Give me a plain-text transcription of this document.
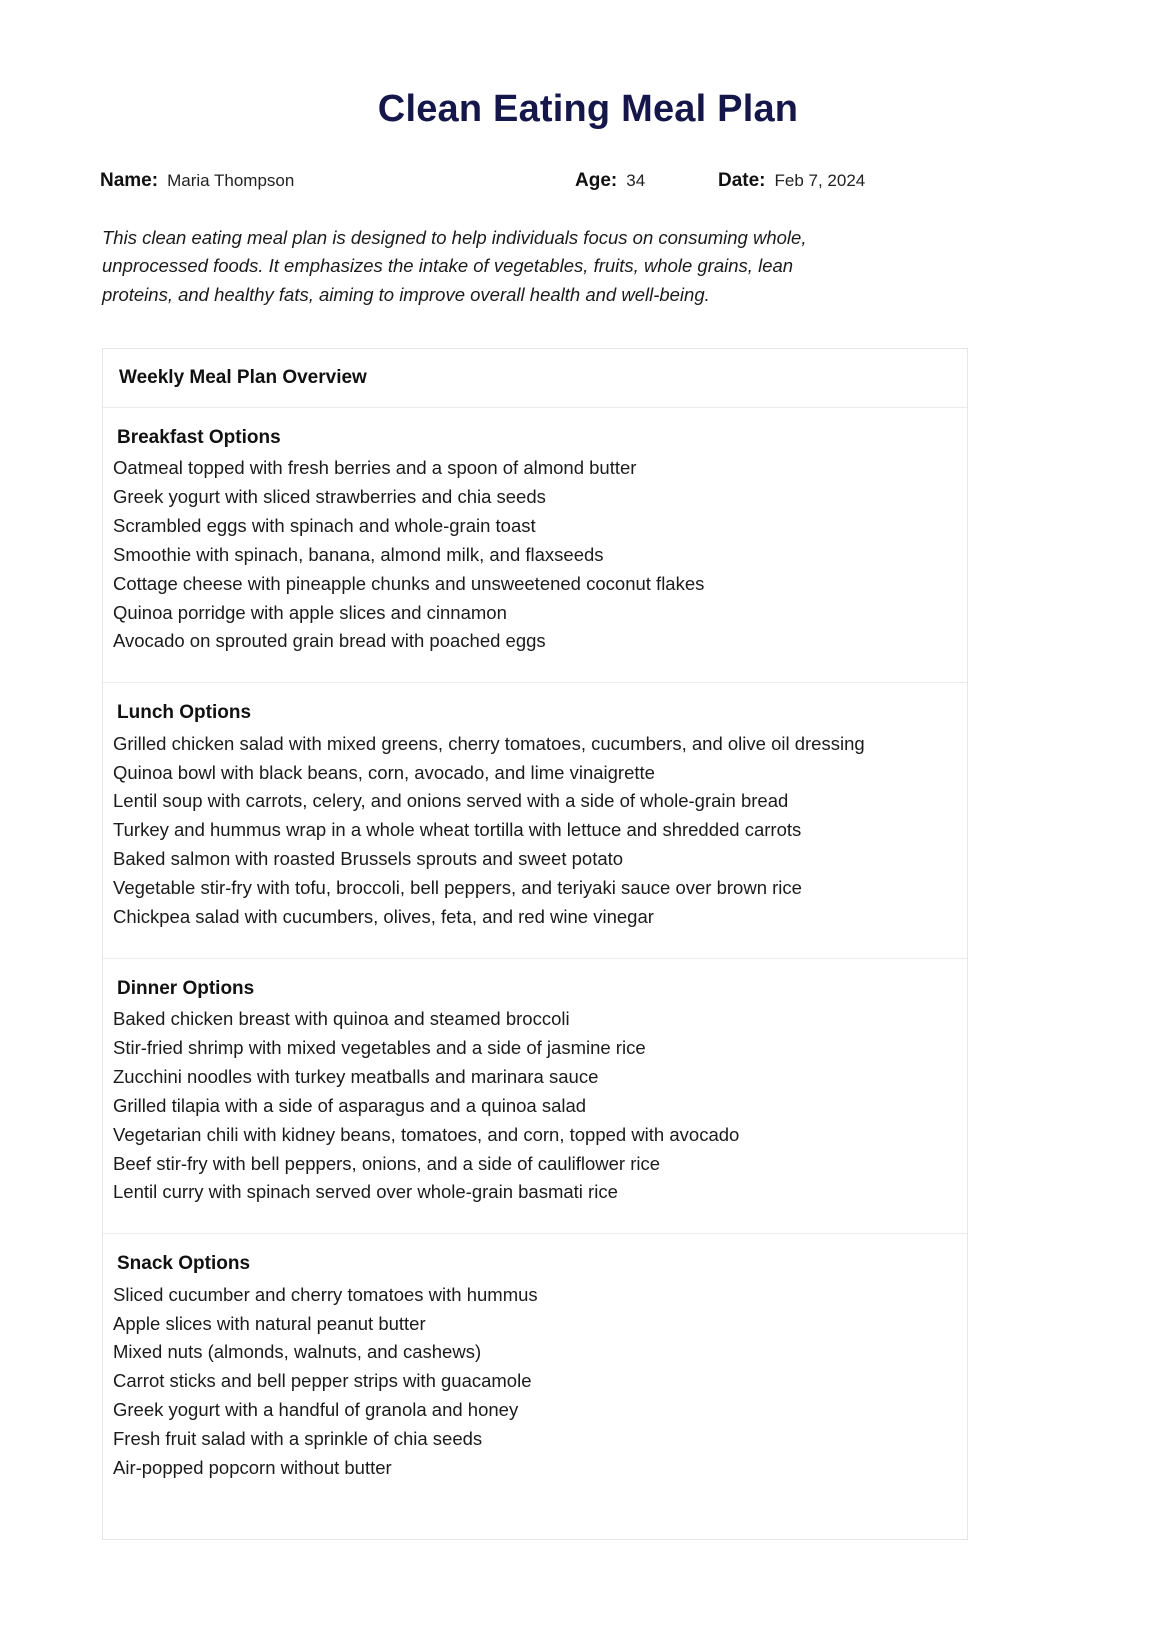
Clean Eating Meal Plan
Name: Maria Thompson	Age: 34	Date: Feb 7, 2024

This clean eating meal plan is designed to help individuals focus on consuming whole, unprocessed foods. It emphasizes the intake of vegetables, fruits, whole grains, lean proteins, and healthy fats, aiming to improve overall health and well-being.

Weekly Meal Plan Overview
Breakfast Options
Oatmeal topped with fresh berries and a spoon of almond butter
Greek yogurt with sliced strawberries and chia seeds
Scrambled eggs with spinach and whole-grain toast
Smoothie with spinach, banana, almond milk, and flaxseeds
Cottage cheese with pineapple chunks and unsweetened coconut flakes
Quinoa porridge with apple slices and cinnamon
Avocado on sprouted grain bread with poached eggs
Lunch Options
Grilled chicken salad with mixed greens, cherry tomatoes, cucumbers, and olive oil dressing
Quinoa bowl with black beans, corn, avocado, and lime vinaigrette
Lentil soup with carrots, celery, and onions served with a side of whole-grain bread
Turkey and hummus wrap in a whole wheat tortilla with lettuce and shredded carrots
Baked salmon with roasted Brussels sprouts and sweet potato
Vegetable stir-fry with tofu, broccoli, bell peppers, and teriyaki sauce over brown rice
Chickpea salad with cucumbers, olives, feta, and red wine vinegar
Dinner Options
Baked chicken breast with quinoa and steamed broccoli
Stir-fried shrimp with mixed vegetables and a side of jasmine rice
Zucchini noodles with turkey meatballs and marinara sauce
Grilled tilapia with a side of asparagus and a quinoa salad
Vegetarian chili with kidney beans, tomatoes, and corn, topped with avocado
Beef stir-fry with bell peppers, onions, and a side of cauliflower rice
Lentil curry with spinach served over whole-grain basmati rice
Snack Options
Sliced cucumber and cherry tomatoes with hummus
Apple slices with natural peanut butter
Mixed nuts (almonds, walnuts, and cashews)
Carrot sticks and bell pepper strips with guacamole
Greek yogurt with a handful of granola and honey
Fresh fruit salad with a sprinkle of chia seeds
Air-popped popcorn without butter
